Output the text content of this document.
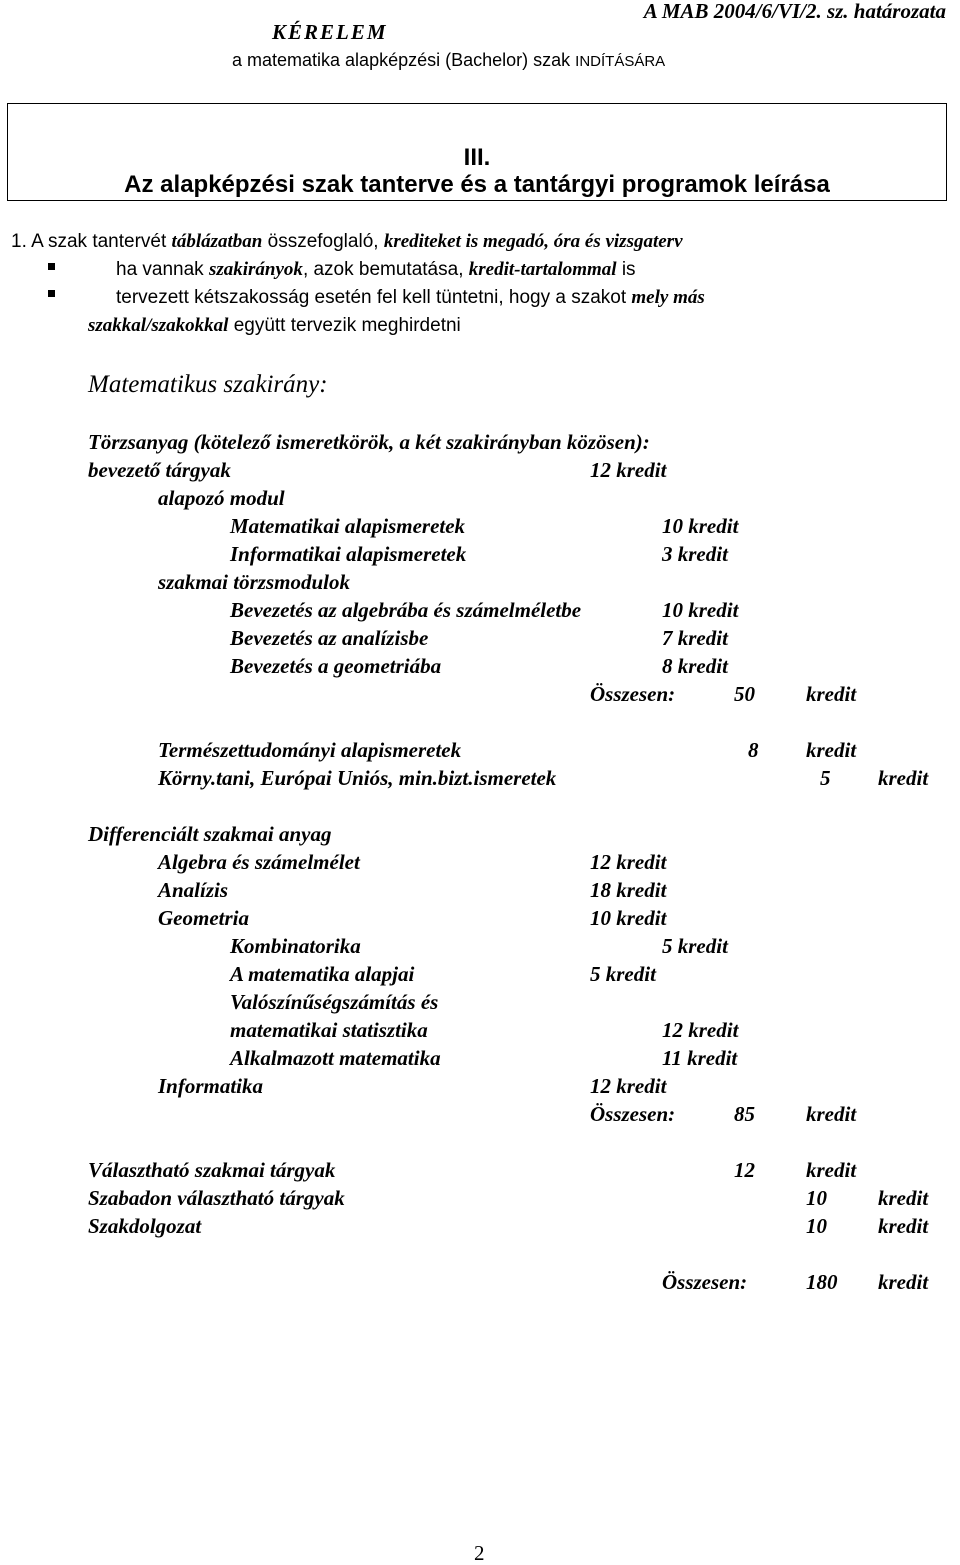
A MAB 2004/6/VI/2. sz. határozata
KÉRELEM
a matematika alapképzési (Bachelor) szak INDÍTÁSÁRA
III.
Az alapképzési szak tanterve és a tantárgyi programok leírása
1. A szak tantervét táblázatban összefoglaló, krediteket is megadó, óra és vizsgaterv
ha vannak szakirányok, azok bemutatása, kredit-tartalommal is
tervezett kétszakosság esetén fel kell tüntetni, hogy a szakot mely más
szakkal/szakokkal együtt tervezik meghirdetni
Matematikus szakirány:
Törzsanyag (kötelező ismeretkörök, a két szakirányban közösen):
bevezető tárgyak	12 kredit
alapozó modul
Matematikai alapismeretek	10 kredit
Informatikai alapismeretek	3 kredit
szakmai törzsmodulok
Bevezetés az algebrába és számelméletbe	10 kredit
Bevezetés az analízisbe	7 kredit
Bevezetés a geometriába	8 kredit
Összesen:	50 kredit
Természettudományi alapismeretek	8 kredit
Körny.tani, Európai Uniós, min.bizt.ismeretek	5 kredit
Differenciált szakmai anyag
Algebra és számelmélet	12 kredit
Analízis	18 kredit
Geometria	10 kredit
Kombinatorika	5 kredit
A matematika alapjai	5 kredit
Valószínűségszámítás és
matematikai statisztika	12 kredit
Alkalmazott matematika	11 kredit
Informatika	12 kredit
Összesen:	85 kredit
Választható szakmai tárgyak	12 kredit
Szabadon választható tárgyak	10 kredit
Szakdolgozat	10 kredit
Összesen:	180 kredit
2
